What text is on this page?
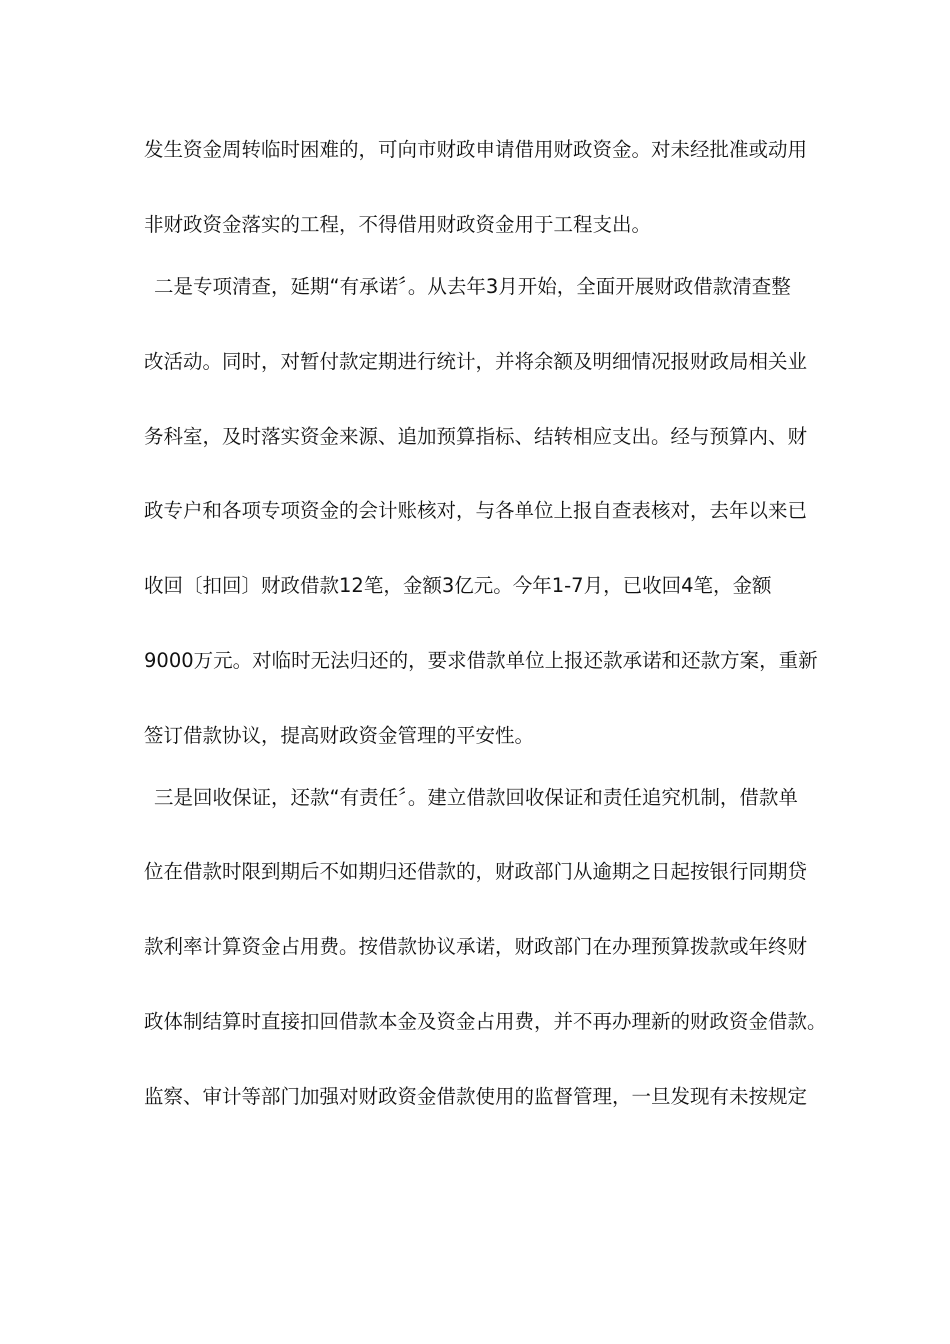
发生资金周转临时困难的，可向市财政申请借用财政资金。对未经批准或动用
非财政资金落实的工程，不得借用财政资金用于工程支出。
二是专项清查，延期“有承诺〞。从去年3月开始，全面开展财政借款清查整
改活动。同时，对暂付款定期进行统计，并将余额及明细情况报财政局相关业
务科室，及时落实资金来源、追加预算指标、结转相应支出。经与预算内、财
政专户和各项专项资金的会计账核对，与各单位上报自查表核对，去年以来已
收回〔扣回〕财政借款12笔，金额3亿元。今年1-7月，已收回4笔，金额
9000万元。对临时无法归还的，要求借款单位上报还款承诺和还款方案，重新
签订借款协议，提高财政资金管理的平安性。
三是回收保证，还款“有责任〞。建立借款回收保证和责任追究机制，借款单
位在借款时限到期后不如期归还借款的，财政部门从逾期之日起按银行同期贷
款利率计算资金占用费。按借款协议承诺，财政部门在办理预算拨款或年终财
政体制结算时直接扣回借款本金及资金占用费，并不再办理新的财政资金借款。
监察、审计等部门加强对财政资金借款使用的监督管理，一旦发现有未按规定
